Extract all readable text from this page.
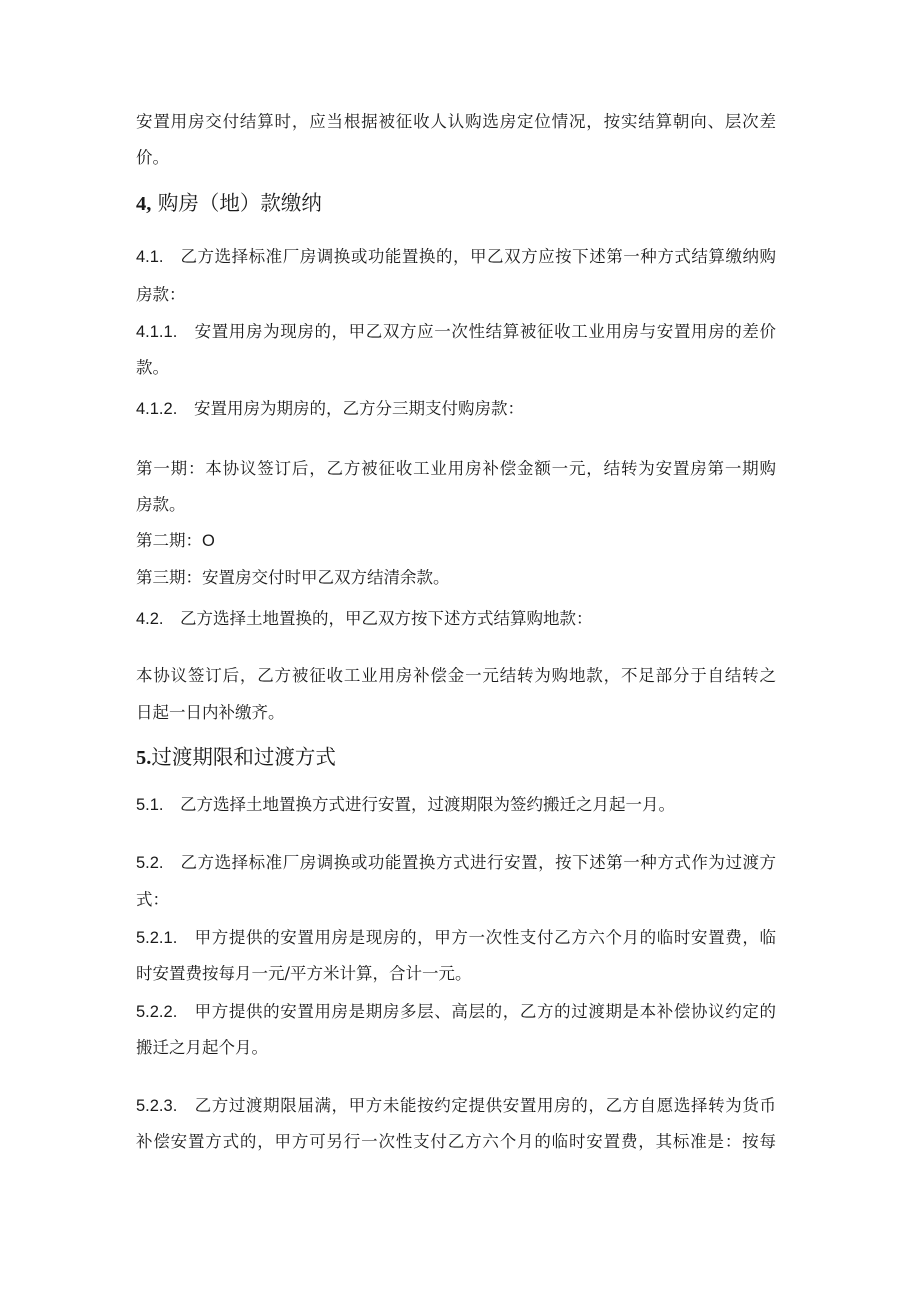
安置用房交付结算时，应当根据被征收人认购选房定位情况，按实结算朝向、层次差
价。
4, 购房（地）款缴纳
4.1. 乙方选择标准厂房调换或功能置换的，甲乙双方应按下述第一种方式结算缴纳购
房款：
4.1.1. 安置用房为现房的，甲乙双方应一次性结算被征收工业用房与安置用房的差价
款。
4.1.2. 安置用房为期房的，乙方分三期支付购房款：
第一期：本协议签订后，乙方被征收工业用房补偿金额一元，结转为安置房第一期购
房款。
第二期：O
第三期：安置房交付时甲乙双方结清余款。
4.2. 乙方选择土地置换的，甲乙双方按下述方式结算购地款：
本协议签订后，乙方被征收工业用房补偿金一元结转为购地款，不足部分于自结转之
日起一日内补缴齐。
5.过渡期限和过渡方式
5.1. 乙方选择土地置换方式进行安置，过渡期限为签约搬迁之月起一月。
5.2. 乙方选择标准厂房调换或功能置换方式进行安置，按下述第一种方式作为过渡方
式：
5.2.1. 甲方提供的安置用房是现房的，甲方一次性支付乙方六个月的临时安置费，临
时安置费按每月一元/平方米计算，合计一元。
5.2.2. 甲方提供的安置用房是期房多层、高层的，乙方的过渡期是本补偿协议约定的
搬迁之月起个月。
5.2.3. 乙方过渡期限届满，甲方未能按约定提供安置用房的，乙方自愿选择转为货币
补偿安置方式的，甲方可另行一次性支付乙方六个月的临时安置费，其标准是：按每
